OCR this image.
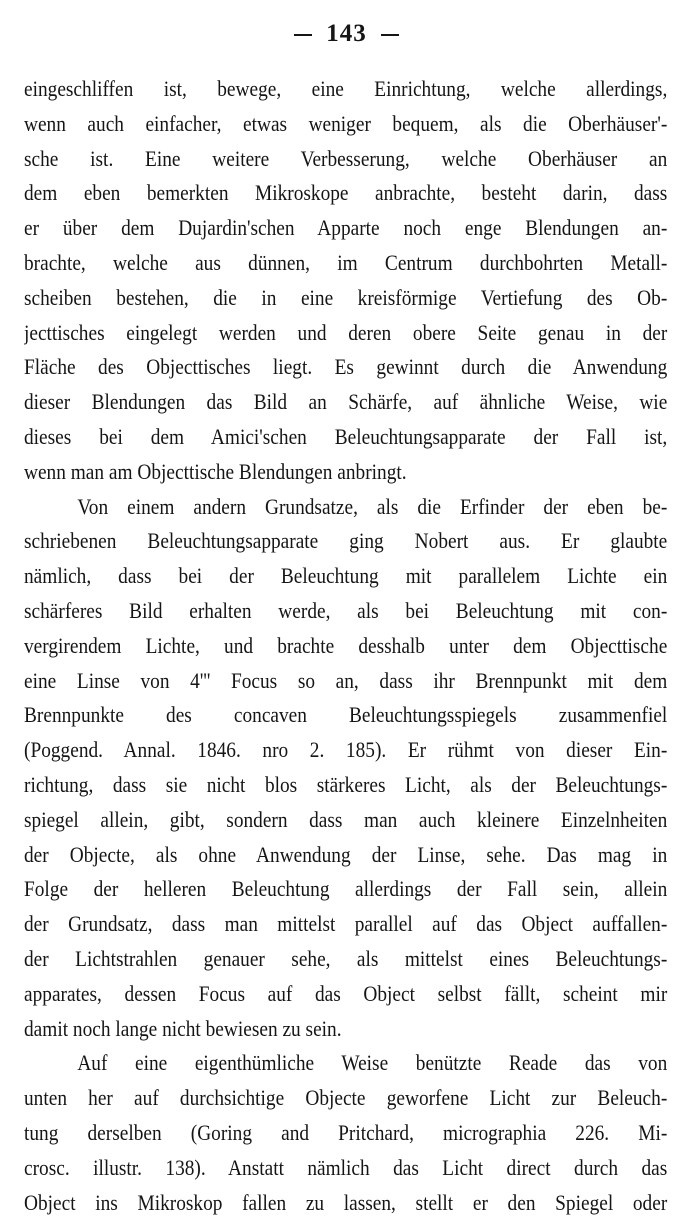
143
eingeschliffen ist, bewege, eine Einrichtung, welche allerdings,
wenn auch einfacher, etwas weniger bequem, als die Oberhäuser'-
sche ist. Eine weitere Verbesserung, welche Oberhäuser an
dem eben bemerkten Mikroskope anbrachte, besteht darin, dass
er über dem Dujardin'schen Apparte noch enge Blendungen an-
brachte, welche aus dünnen, im Centrum durchbohrten Metall-
scheiben bestehen, die in eine kreisförmige Vertiefung des Ob-
jecttisches eingelegt werden und deren obere Seite genau in der
Fläche des Objecttisches liegt. Es gewinnt durch die Anwendung
dieser Blendungen das Bild an Schärfe, auf ähnliche Weise, wie
dieses bei dem Amici'schen Beleuchtungsapparate der Fall ist,
wenn man am Objecttische Blendungen anbringt.
Von einem andern Grundsatze, als die Erfinder der eben be-
schriebenen Beleuchtungsapparate ging Nobert aus. Er glaubte
nämlich, dass bei der Beleuchtung mit parallelem Lichte ein
schärferes Bild erhalten werde, als bei Beleuchtung mit con-
vergirendem Lichte, und brachte desshalb unter dem Objecttische
eine Linse von 4''' Focus so an, dass ihr Brennpunkt mit dem
Brennpunkte des concaven Beleuchtungsspiegels zusammenfiel
(Poggend. Annal. 1846. nro 2. 185). Er rühmt von dieser Ein-
richtung, dass sie nicht blos stärkeres Licht, als der Beleuchtungs-
spiegel allein, gibt, sondern dass man auch kleinere Einzelnheiten
der Objecte, als ohne Anwendung der Linse, sehe. Das mag in
Folge der helleren Beleuchtung allerdings der Fall sein, allein
der Grundsatz, dass man mittelst parallel auf das Object auffallen-
der Lichtstrahlen genauer sehe, als mittelst eines Beleuchtungs-
apparates, dessen Focus auf das Object selbst fällt, scheint mir
damit noch lange nicht bewiesen zu sein.
Auf eine eigenthümliche Weise benützte Reade das von
unten her auf durchsichtige Objecte geworfene Licht zur Beleuch-
tung derselben (Goring and Pritchard, micrographia 226. Mi-
crosc. illustr. 138). Anstatt nämlich das Licht direct durch das
Object ins Mikroskop fallen zu lassen, stellt er den Spiegel oder
